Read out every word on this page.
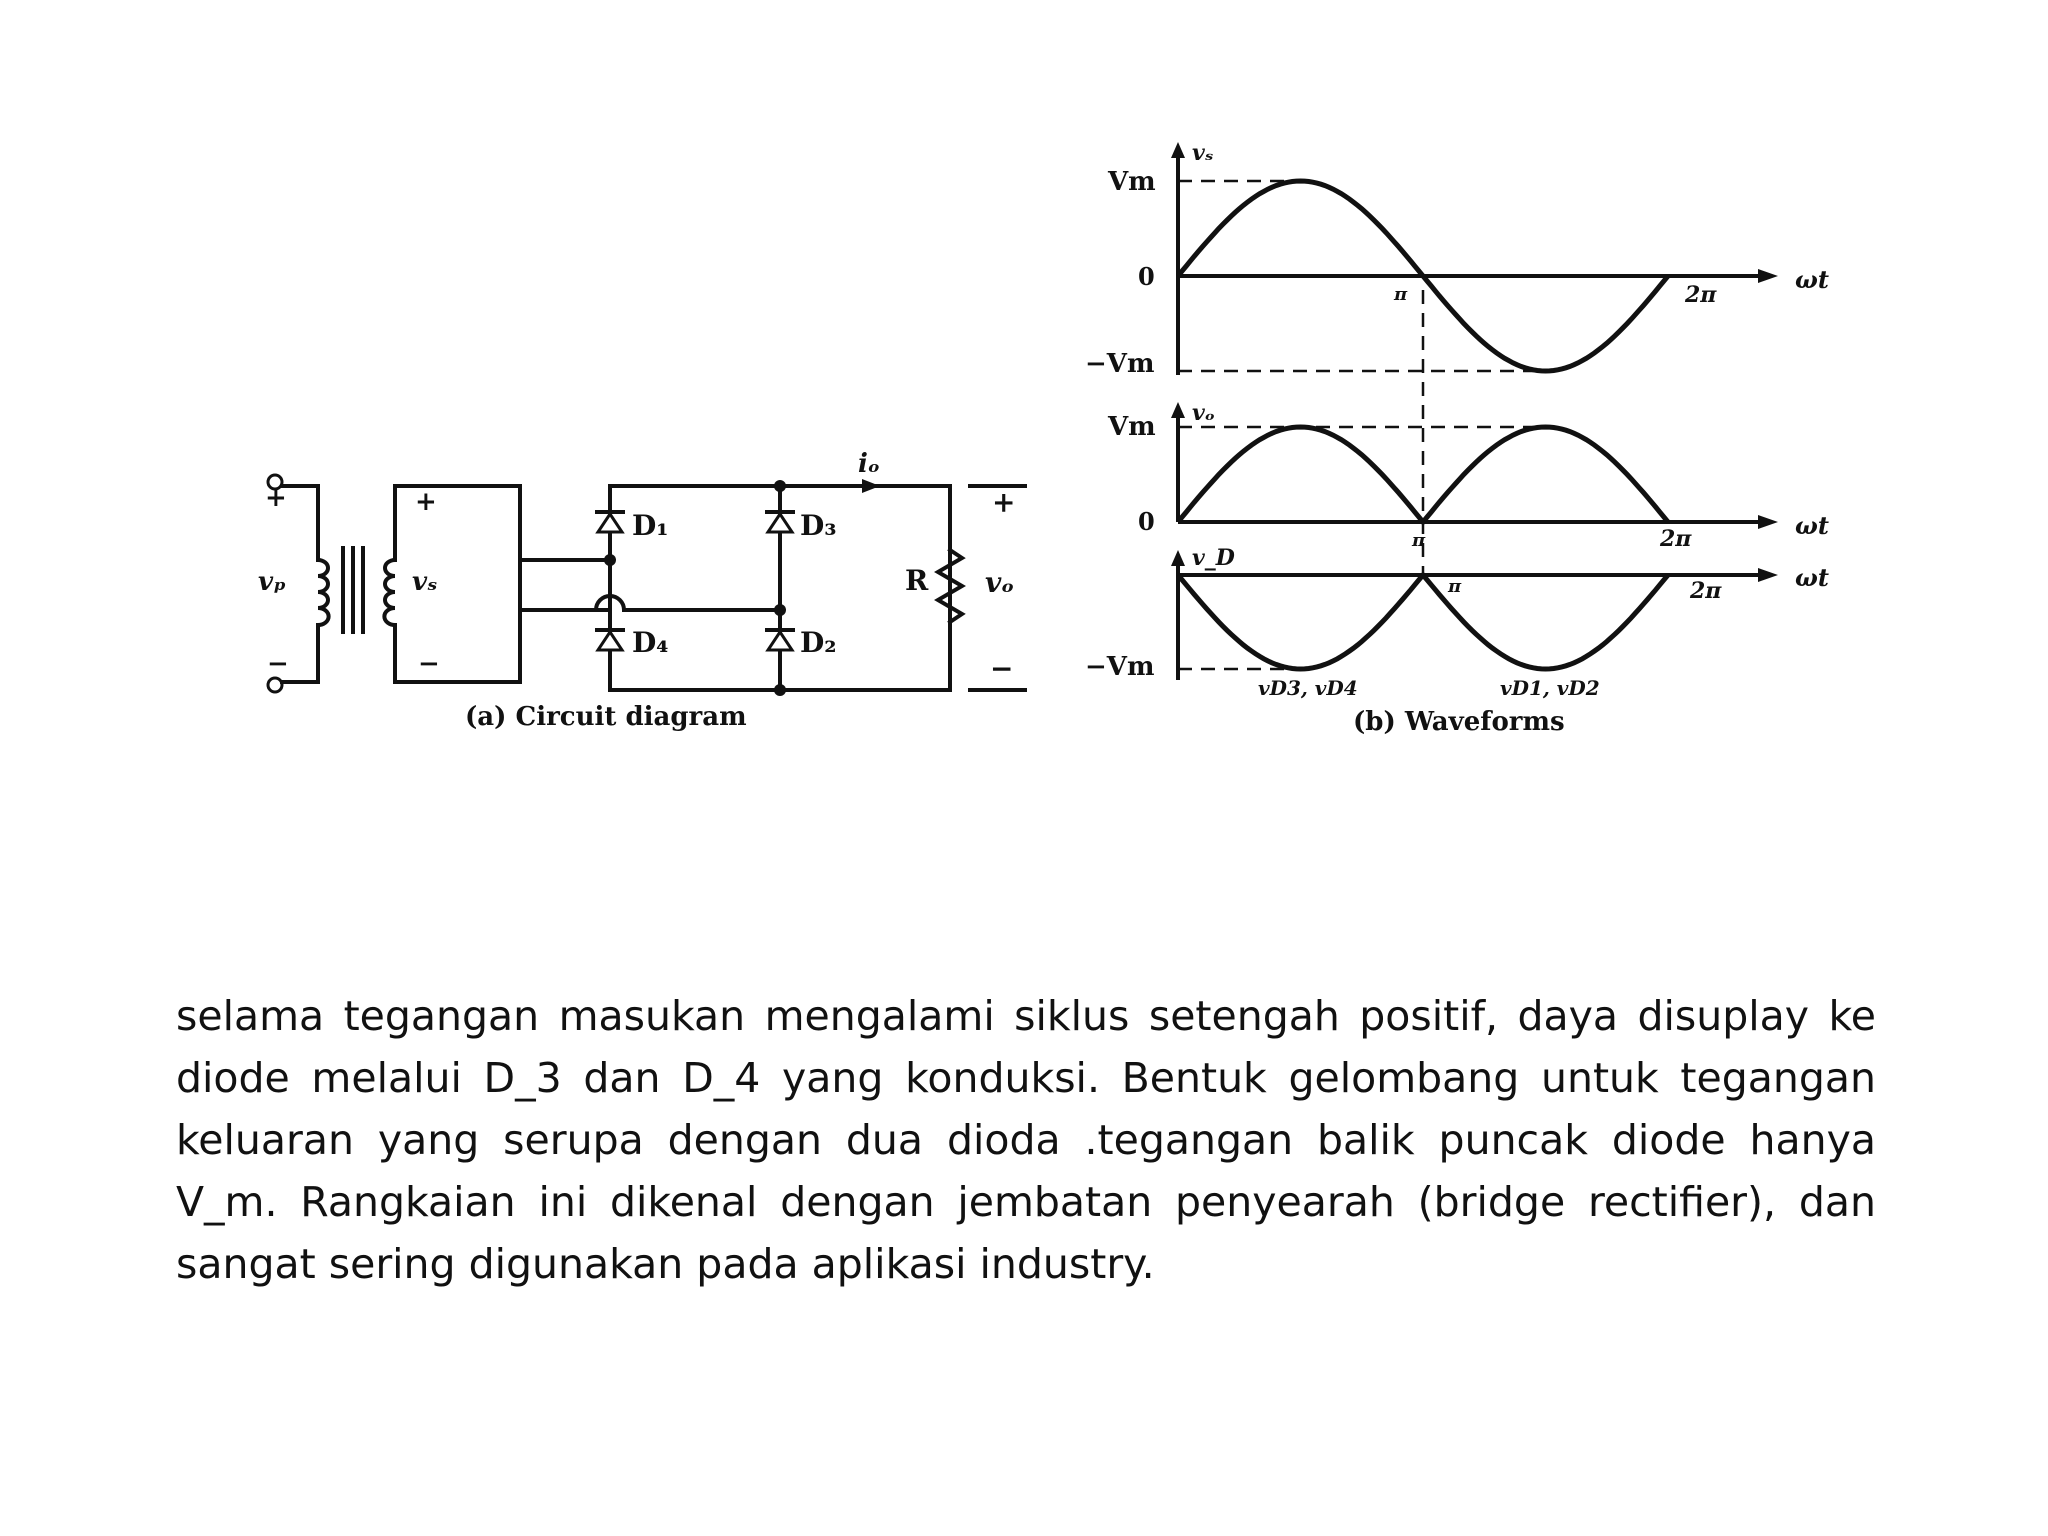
+
−
vₚ
+
−
vₛ
D₁
D₄
D₃
D₂
iₒ
R vₒ
+
−
(a) Circuit diagram
Vm
0
−Vm
vₛ
π	2π
ωt
Vm
0
vₒ
π	2π	ωt
−Vm
v_D
π	2π	ωt
vD3, vD4	vD1, vD2
(b) Waveforms

selama tegangan masukan mengalami siklus setengah positif, daya disuplay ke diode melalui D_3 dan D_4 yang konduksi. Bentuk gelombang untuk tegangan keluaran yang serupa dengan dua dioda .tegangan balik puncak diode hanya V_m. Rangkaian ini dikenal dengan jembatan penyearah (bridge rectifier), dan sangat sering digunakan pada aplikasi industry.
